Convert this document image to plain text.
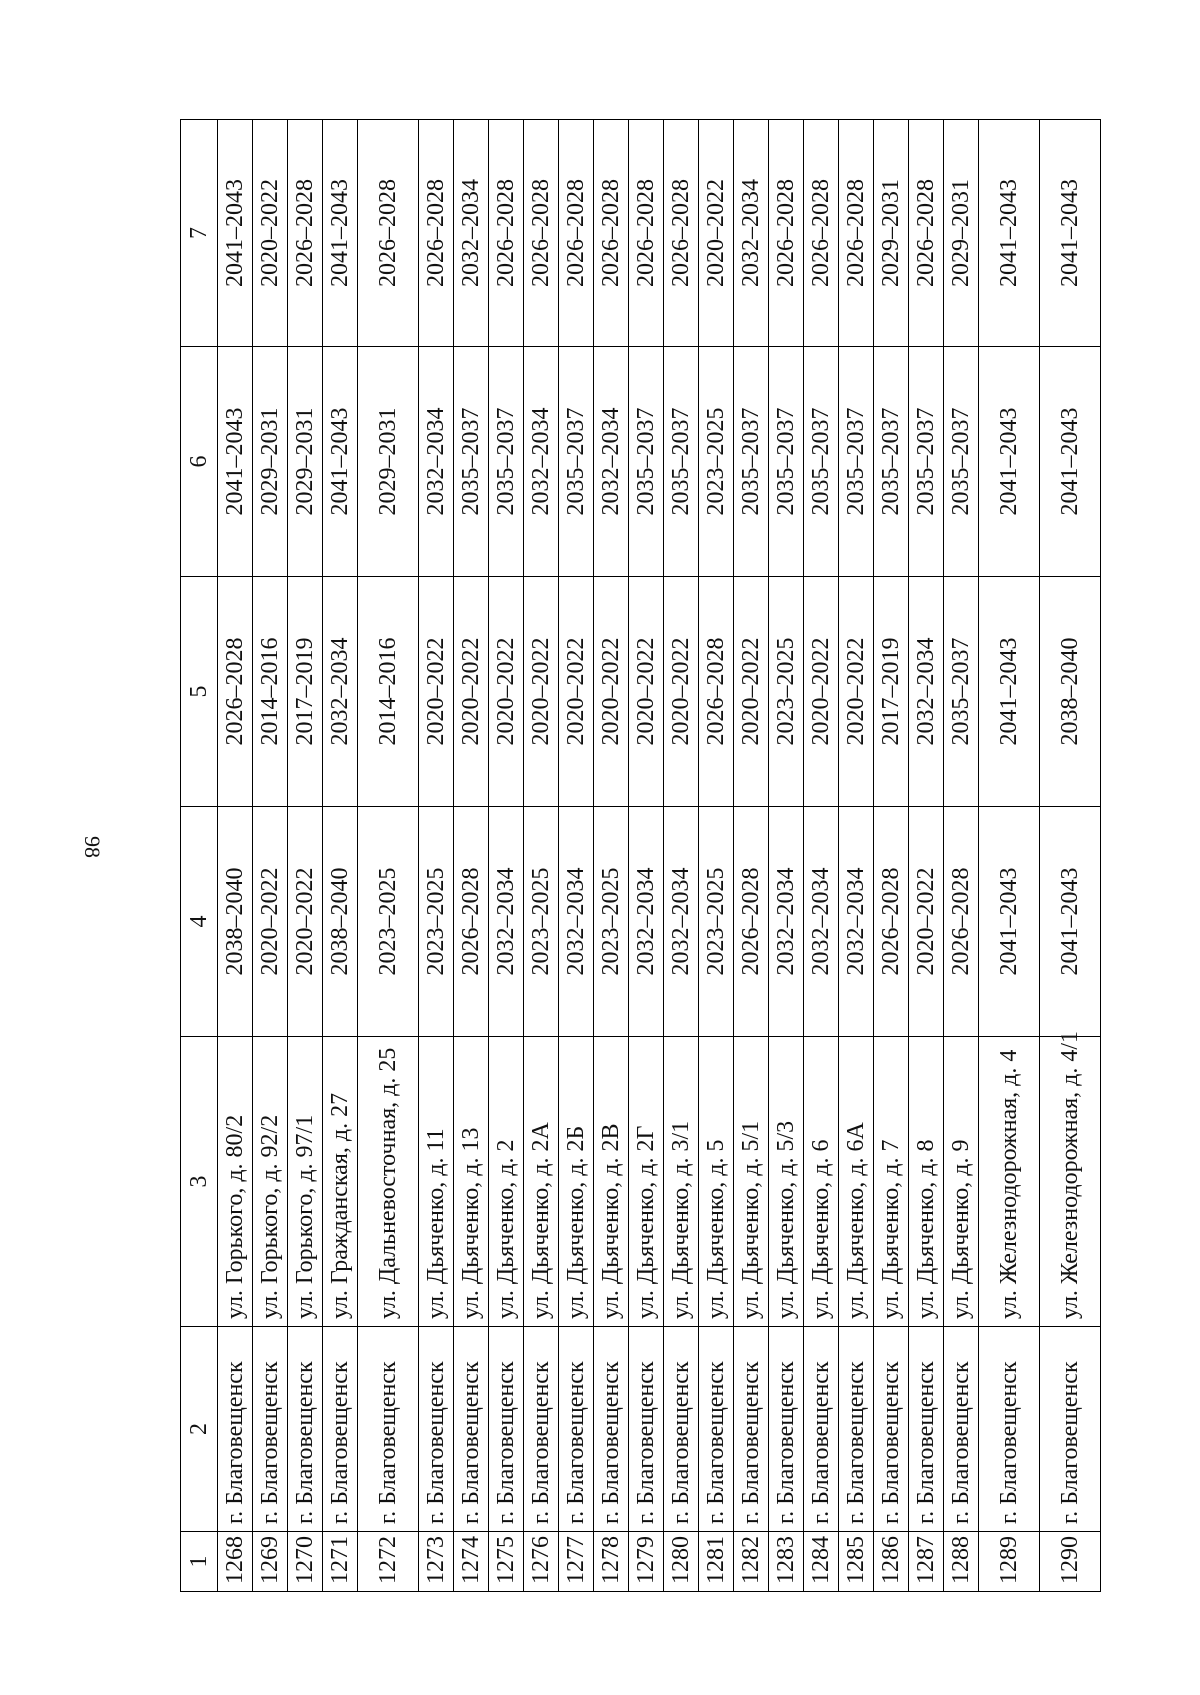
98
1	2	3	4	5	6	7
1268	г. Благовещенск	ул. Горького, д. 80/2	2038–2040	2026–2028	2041–2043	2041–2043
1269	г. Благовещенск	ул. Горького, д. 92/2	2020–2022	2014–2016	2029–2031	2020–2022
1270	г. Благовещенск	ул. Горького, д. 97/1	2020–2022	2017–2019	2029–2031	2026–2028
1271	г. Благовещенск	ул. Гражданская, д. 27	2038–2040	2032–2034	2041–2043	2041–2043
1272	г. Благовещенск	ул. Дальневосточная, д. 25	2023–2025	2014–2016	2029–2031	2026–2028
1273	г. Благовещенск	ул. Дьяченко, д. 11	2023–2025	2020–2022	2032–2034	2026–2028
1274	г. Благовещенск	ул. Дьяченко, д. 13	2026–2028	2020–2022	2035–2037	2032–2034
1275	г. Благовещенск	ул. Дьяченко, д. 2	2032–2034	2020–2022	2035–2037	2026–2028
1276	г. Благовещенск	ул. Дьяченко, д. 2А	2023–2025	2020–2022	2032–2034	2026–2028
1277	г. Благовещенск	ул. Дьяченко, д. 2Б	2032–2034	2020–2022	2035–2037	2026–2028
1278	г. Благовещенск	ул. Дьяченко, д. 2В	2023–2025	2020–2022	2032–2034	2026–2028
1279	г. Благовещенск	ул. Дьяченко, д. 2Г	2032–2034	2020–2022	2035–2037	2026–2028
1280	г. Благовещенск	ул. Дьяченко, д. 3/1	2032–2034	2020–2022	2035–2037	2026–2028
1281	г. Благовещенск	ул. Дьяченко, д. 5	2023–2025	2026–2028	2023–2025	2020–2022
1282	г. Благовещенск	ул. Дьяченко, д. 5/1	2026–2028	2020–2022	2035–2037	2032–2034
1283	г. Благовещенск	ул. Дьяченко, д. 5/3	2032–2034	2023–2025	2035–2037	2026–2028
1284	г. Благовещенск	ул. Дьяченко, д. 6	2032–2034	2020–2022	2035–2037	2026–2028
1285	г. Благовещенск	ул. Дьяченко, д. 6А	2032–2034	2020–2022	2035–2037	2026–2028
1286	г. Благовещенск	ул. Дьяченко, д. 7	2026–2028	2017–2019	2035–2037	2029–2031
1287	г. Благовещенск	ул. Дьяченко, д. 8	2020–2022	2032–2034	2035–2037	2026–2028
1288	г. Благовещенск	ул. Дьяченко, д. 9	2026–2028	2035–2037	2035–2037	2029–2031
1289	г. Благовещенск	ул. Железнодорожная, д. 4	2041–2043	2041–2043	2041–2043	2041–2043
1290	г. Благовещенск	ул. Железнодорожная, д. 4/1	2041–2043	2038–2040	2041–2043	2041–2043
